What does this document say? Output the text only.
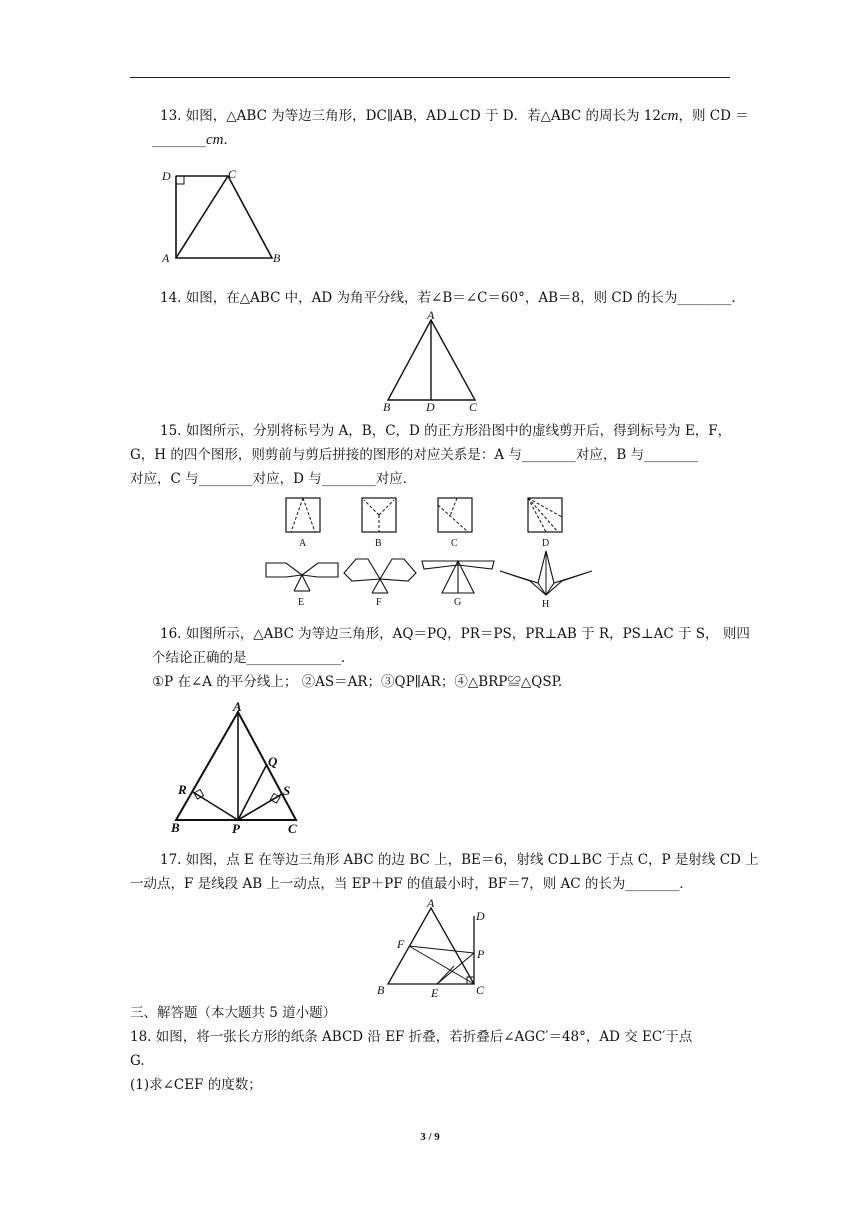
13. 如图，△ABC 为等边三角形，DC∥AB，AD⊥CD 于 D．若△ABC 的周长为 12cm，则 CD ＝
________cm．
D	C
A	B
14. 如图，在△ABC 中，AD 为角平分线，若∠B＝∠C＝60°，AB＝8，则 CD 的长为________．
A
B	D	C
15. 如图所示，分别将标号为 A，B，C，D 的正方形沿图中的虚线剪开后，得到标号为 E，F，
G，H 的四个图形，则剪前与剪后拼接的图形的对应关系是：A 与________对应，B 与________
对应，C 与________对应，D 与________对应．
A	B	C	D
E	F	G	H
16. 如图所示，△ABC 为等边三角形，AQ＝PQ，PR＝PS，PR⊥AB 于 R，PS⊥AC 于 S， 则四
个结论正确的是______________．
①P 在∠A 的平分线上； ②AS＝AR；③QP∥AR；④△BRP≌△QSP.
A
Q
R	S
B	P	C
17. 如图，点 E 在等边三角形 ABC 的边 BC 上，BE＝6，射线 CD⊥BC 于点 C，P 是射线 CD 上
一动点，F 是线段 AB 上一动点，当 EP＋PF 的值最小时，BF＝7，则 AC 的长为________．
A
D
F
P
B	E	C
三、解答题（本大题共 5 道小题）
18. 如图，将一张长方形的纸条 ABCD 沿 EF 折叠，若折叠后∠AGC′＝48°，AD 交 EC′于点
G.
(1)求∠CEF 的度数；
3 / 9
